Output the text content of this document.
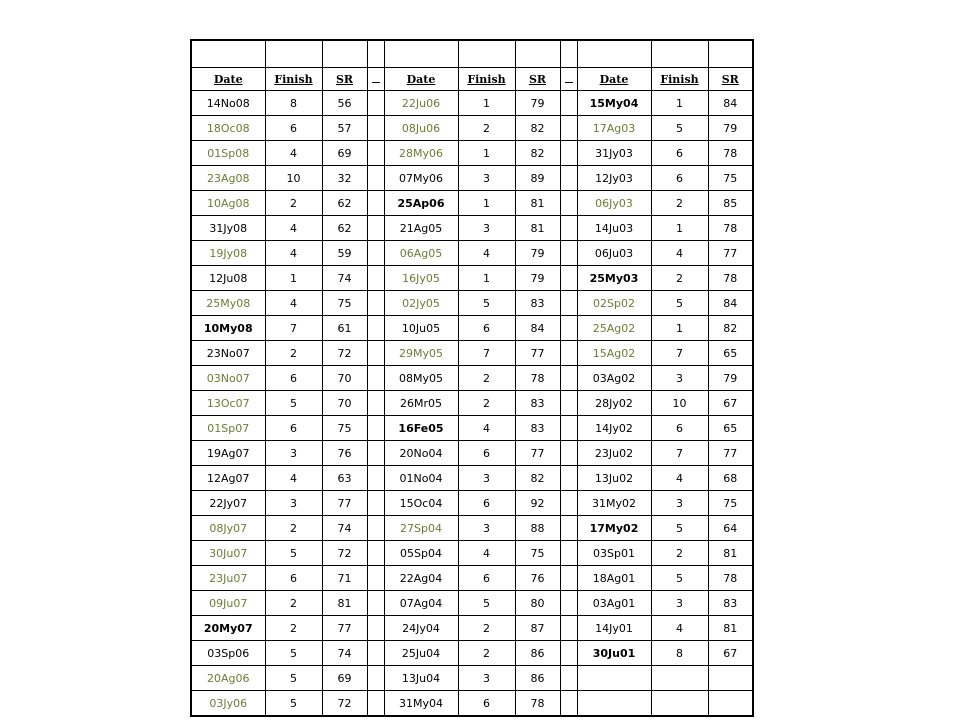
Date	Finish	SR		Date	Finish	SR		Date	Finish	SR
14No08	8	56		22Ju06	1	79		15My04	1	84
18Oc08	6	57		08Ju06	2	82		17Ag03	5	79
01Sp08	4	69		28My06	1	82		31Jy03	6	78
23Ag08	10	32		07My06	3	89		12Jy03	6	75
10Ag08	2	62		25Ap06	1	81		06Jy03	2	85
31Jy08	4	62		21Ag05	3	81		14Ju03	1	78
19Jy08	4	59		06Ag05	4	79		06Ju03	4	77
12Ju08	1	74		16Jy05	1	79		25My03	2	78
25My08	4	75		02Jy05	5	83		02Sp02	5	84
10My08	7	61		10Ju05	6	84		25Ag02	1	82
23No07	2	72		29My05	7	77		15Ag02	7	65
03No07	6	70		08My05	2	78		03Ag02	3	79
13Oc07	5	70		26Mr05	2	83		28Jy02	10	67
01Sp07	6	75		16Fe05	4	83		14Jy02	6	65
19Ag07	3	76		20No04	6	77		23Ju02	7	77
12Ag07	4	63		01No04	3	82		13Ju02	4	68
22Jy07	3	77		15Oc04	6	92		31My02	3	75
08Jy07	2	74		27Sp04	3	88		17My02	5	64
30Ju07	5	72		05Sp04	4	75		03Sp01	2	81
23Ju07	6	71		22Ag04	6	76		18Ag01	5	78
09Ju07	2	81		07Ag04	5	80		03Ag01	3	83
20My07	2	77		24Jy04	2	87		14Jy01	4	81
03Sp06	5	74		25Ju04	2	86		30Ju01	8	67
20Ag06	5	69		13Ju04	3	86				
03Jy06	5	72		31My04	6	78				
